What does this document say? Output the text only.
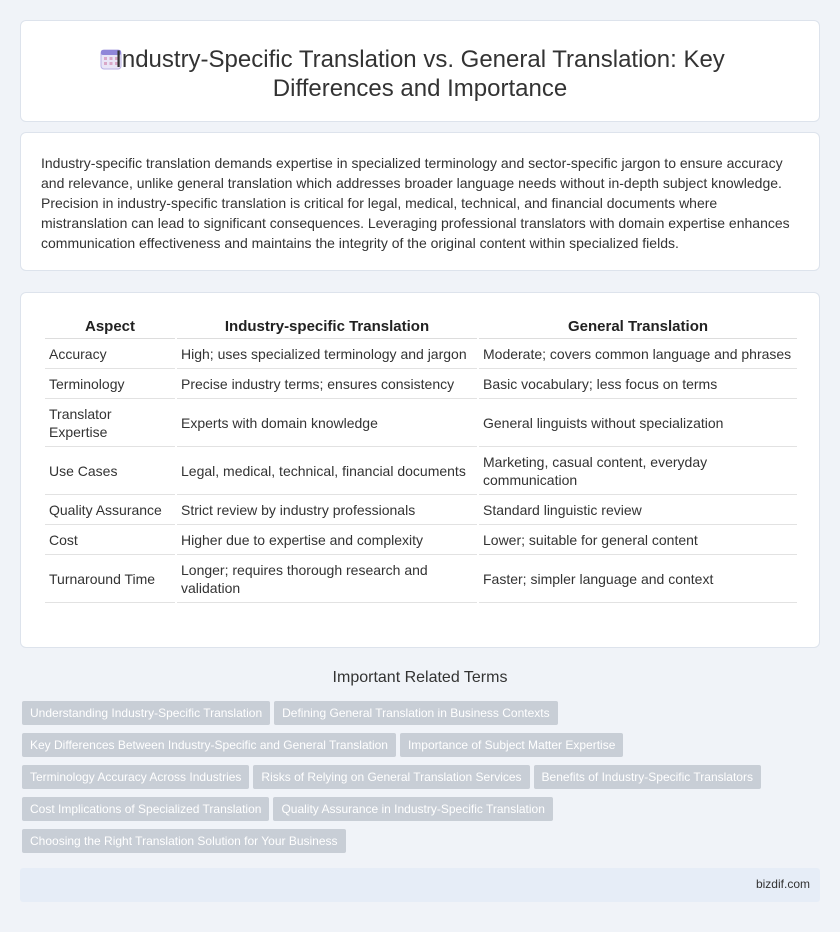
Industry-Specific Translation vs. General Translation: Key Differences and Importance

Industry-specific translation demands expertise in specialized terminology and sector-specific jargon to ensure accuracy and relevance, unlike general translation which addresses broader language needs without in-depth subject knowledge. Precision in industry-specific translation is critical for legal, medical, technical, and financial documents where mistranslation can lead to significant consequences. Leveraging professional translators with domain expertise enhances communication effectiveness and maintains the integrity of the original content within specialized fields.

Aspect	Industry-specific Translation	General Translation
Accuracy	High; uses specialized terminology and jargon	Moderate; covers common language and phrases
Terminology	Precise industry terms; ensures consistency	Basic vocabulary; less focus on terms
Translator Expertise	Experts with domain knowledge	General linguists without specialization
Use Cases	Legal, medical, technical, financial documents	Marketing, casual content, everyday communication
Quality Assurance	Strict review by industry professionals	Standard linguistic review
Cost	Higher due to expertise and complexity	Lower; suitable for general content
Turnaround Time	Longer; requires thorough research and validation	Faster; simpler language and context
Important Related Terms
Understanding Industry-Specific Translation Defining General Translation in Business Contexts
Key Differences Between Industry-Specific and General Translation Importance of Subject Matter Expertise
Terminology Accuracy Across Industries Risks of Relying on General Translation Services Benefits of Industry-Specific Translators
Cost Implications of Specialized Translation Quality Assurance in Industry-Specific Translation
Choosing the Right Translation Solution for Your Business
bizdif.com
